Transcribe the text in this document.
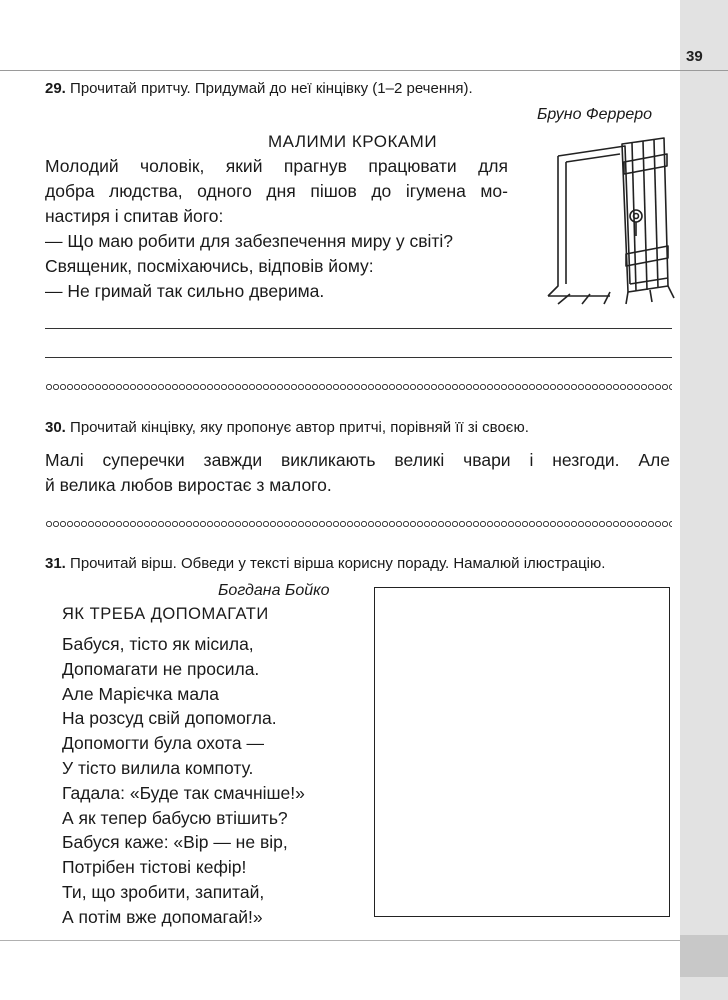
39
29. Прочитай притчу. Придумай до неї кінцівку (1–2 речення).
Бруно Ферреро
МАЛИМИ КРОКАМИ
Молодий чоловік, який прагнув працювати для
добра людства, одного дня пішов до ігумена мо-
настиря і спитав його:
— Що маю робити для забезпечення миру у світі?
Священик, посміхаючись, відповів йому:
— Не гримай так сильно дверима.
30. Прочитай кінцівку, яку пропонує автор притчі, порівняй її зі своєю.
Малі суперечки завжди викликають великі чвари і незгоди. Але
й велика любов виростає з малого.
31. Прочитай вірш. Обведи у тексті вірша корисну пораду. Намалюй ілюстрацію.
Богдана Бойко
ЯК ТРЕБА ДОПОМАГАТИ
Бабуся, тісто як місила,
Допомагати не просила.
Але Марієчка мала
На розсуд свій допомогла.
Допомогти була охота —
У тісто вилила компоту.
Гадала: «Буде так смачніше!»
А як тепер бабусю втішить?
Бабуся каже: «Вір — не вір,
Потрібен тістові кефір!
Ти, що зробити, запитай,
А потім вже допомагай!»
